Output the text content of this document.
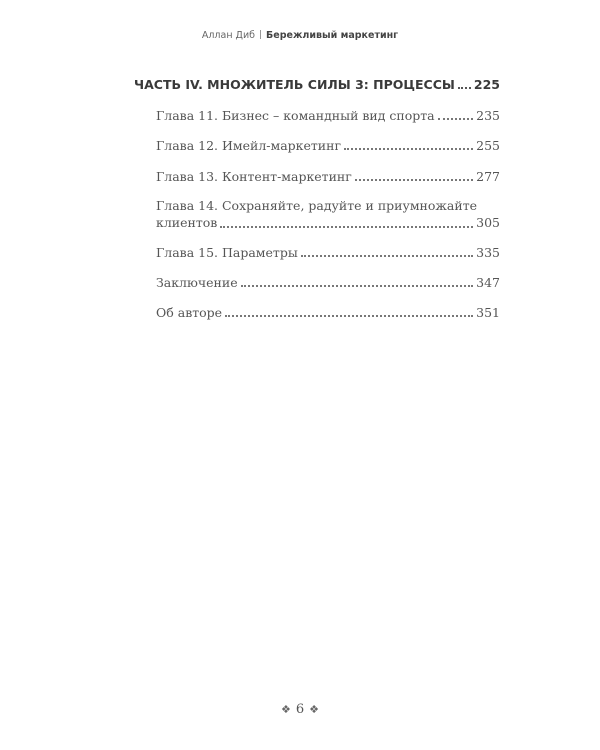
Аллан Диб Бережливый маркетинг
ЧАСТЬ IV. МНОЖИТЕЛЬ СИЛЫ 3: ПРОЦЕССЫ 225
Глава 11. Бизнес – командный вид спорта	235
Глава 12. Имейл-маркетинг	255
Глава 13. Контент-маркетинг	277
Глава 14. Сохраняйте, радуйте и приумножайте
клиентов	305
Глава 15. Параметры	335
Заключение	347
Об авторе	351
❖ 6 ❖
